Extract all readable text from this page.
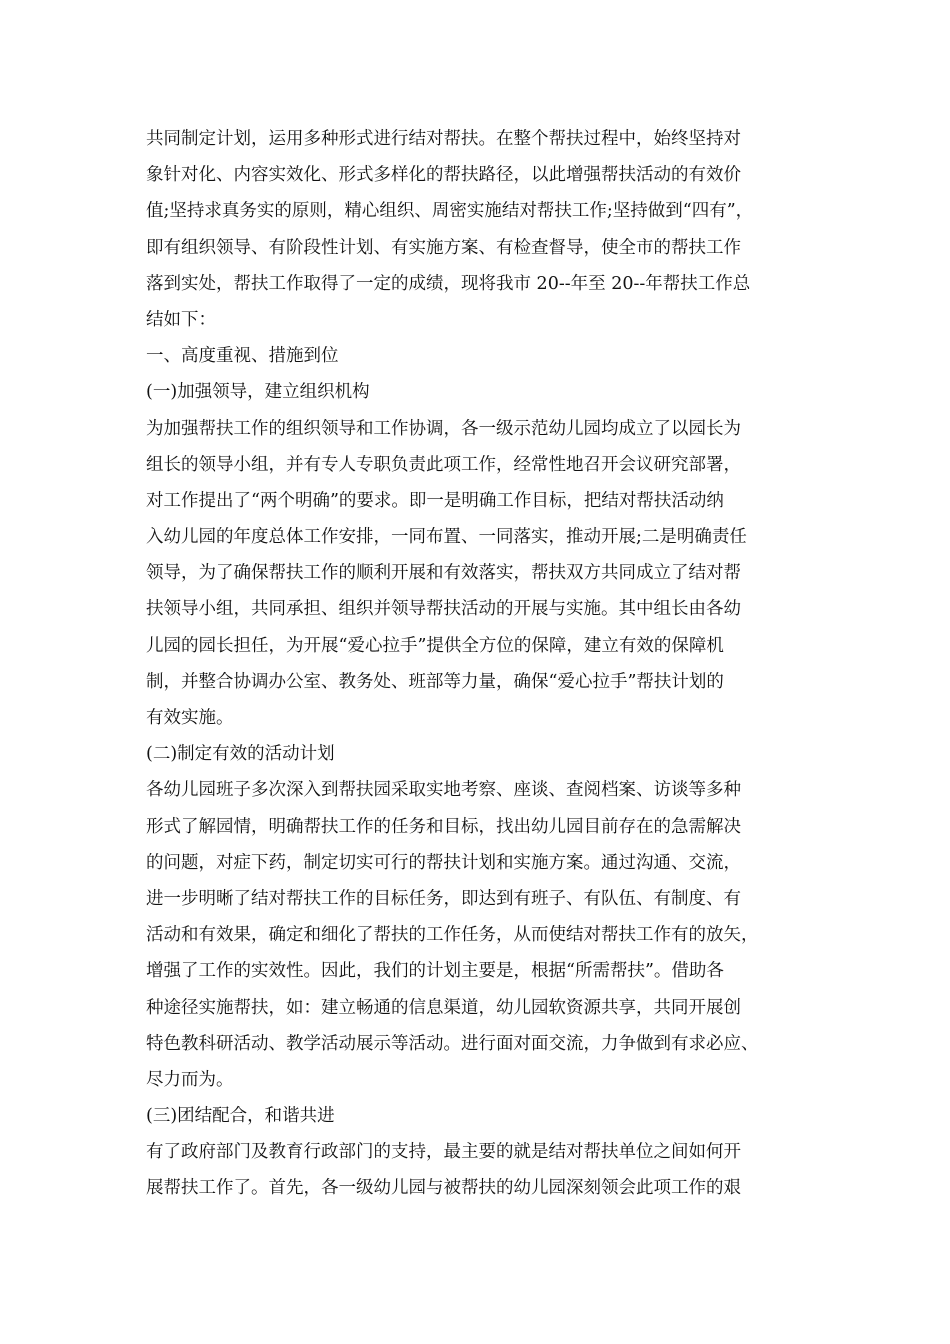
共同制定计划，运用多种形式进行结对帮扶。在整个帮扶过程中，始终坚持对
象针对化、内容实效化、形式多样化的帮扶路径，以此增强帮扶活动的有效价
值;坚持求真务实的原则，精心组织、周密实施结对帮扶工作;坚持做到“四有”，
即有组织领导、有阶段性计划、有实施方案、有检查督导，使全市的帮扶工作
落到实处，帮扶工作取得了一定的成绩，现将我市 20--年至 20--年帮扶工作总
结如下：
一、高度重视、措施到位
(一)加强领导，建立组织机构
为加强帮扶工作的组织领导和工作协调，各一级示范幼儿园均成立了以园长为
组长的领导小组，并有专人专职负责此项工作，经常性地召开会议研究部署，
对工作提出了“两个明确”的要求。即一是明确工作目标，把结对帮扶活动纳
入幼儿园的年度总体工作安排，一同布置、一同落实，推动开展;二是明确责任
领导，为了确保帮扶工作的顺利开展和有效落实，帮扶双方共同成立了结对帮
扶领导小组，共同承担、组织并领导帮扶活动的开展与实施。其中组长由各幼
儿园的园长担任，为开展“爱心拉手”提供全方位的保障，建立有效的保障机
制，并整合协调办公室、教务处、班部等力量，确保“爱心拉手”帮扶计划的
有效实施。
(二)制定有效的活动计划
各幼儿园班子多次深入到帮扶园采取实地考察、座谈、查阅档案、访谈等多种
形式了解园情，明确帮扶工作的任务和目标，找出幼儿园目前存在的急需解决
的问题，对症下药，制定切实可行的帮扶计划和实施方案。通过沟通、交流，
进一步明晰了结对帮扶工作的目标任务，即达到有班子、有队伍、有制度、有
活动和有效果，确定和细化了帮扶的工作任务，从而使结对帮扶工作有的放矢，
增强了工作的实效性。因此，我们的计划主要是，根据“所需帮扶”。借助各
种途径实施帮扶，如：建立畅通的信息渠道，幼儿园软资源共享，共同开展创
特色教科研活动、教学活动展示等活动。进行面对面交流，力争做到有求必应、
尽力而为。
(三)团结配合，和谐共进
有了政府部门及教育行政部门的支持，最主要的就是结对帮扶单位之间如何开
展帮扶工作了。首先，各一级幼儿园与被帮扶的幼儿园深刻领会此项工作的艰
